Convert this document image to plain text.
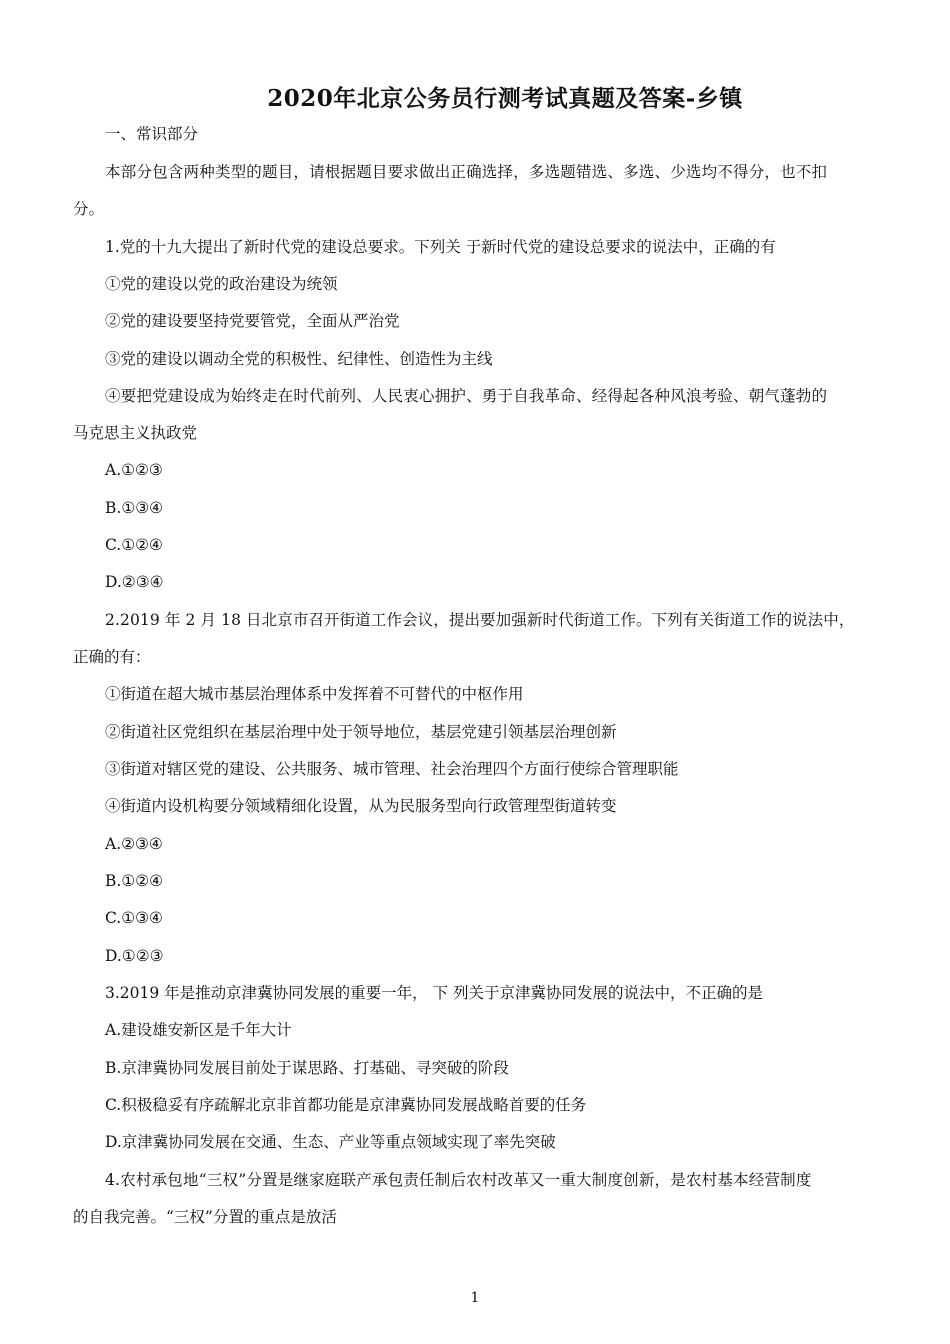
2020年北京公务员行测考试真题及答案-乡镇
一、常识部分
本部分包含两种类型的题目，请根据题目要求做出正确选择，多选题错选、多选、少选均不得分，也不扣
分。
1.党的十九大提出了新时代党的建设总要求。下列关 于新时代党的建设总要求的说法中，正确的有
①党的建设以党的政治建设为统领
②党的建设要坚持党要管党，全面从严治党
③党的建设以调动全党的积极性、纪律性、创造性为主线
④要把党建设成为始终走在时代前列、人民衷心拥护、勇于自我革命、经得起各种风浪考验、朝气蓬勃的
马克思主义执政党
A.①②③
B.①③④
C.①②④
D.②③④
2.2019 年 2 月 18 日北京市召开街道工作会议，提出要加强新时代街道工作。下列有关街道工作的说法中，
正确的有：
①街道在超大城市基层治理体系中发挥着不可替代的中枢作用
②街道社区党组织在基层治理中处于领导地位，基层党建引领基层治理创新
③街道对辖区党的建设、公共服务、城市管理、社会治理四个方面行使综合管理职能
④街道内设机构要分领域精细化设置，从为民服务型向行政管理型街道转变
A.②③④
B.①②④
C.①③④
D.①②③
3.2019 年是推动京津冀协同发展的重要一年， 下 列关于京津冀协同发展的说法中，不正确的是
A.建设雄安新区是千年大计
B.京津冀协同发展目前处于谋思路、打基础、寻突破的阶段
C.积极稳妥有序疏解北京非首都功能是京津冀协同发展战略首要的任务
D.京津冀协同发展在交通、生态、产业等重点领域实现了率先突破
4.农村承包地“三权”分置是继家庭联产承包责任制后农村改革又一重大制度创新，是农村基本经营制度
的自我完善。“三权”分置的重点是放活
1
